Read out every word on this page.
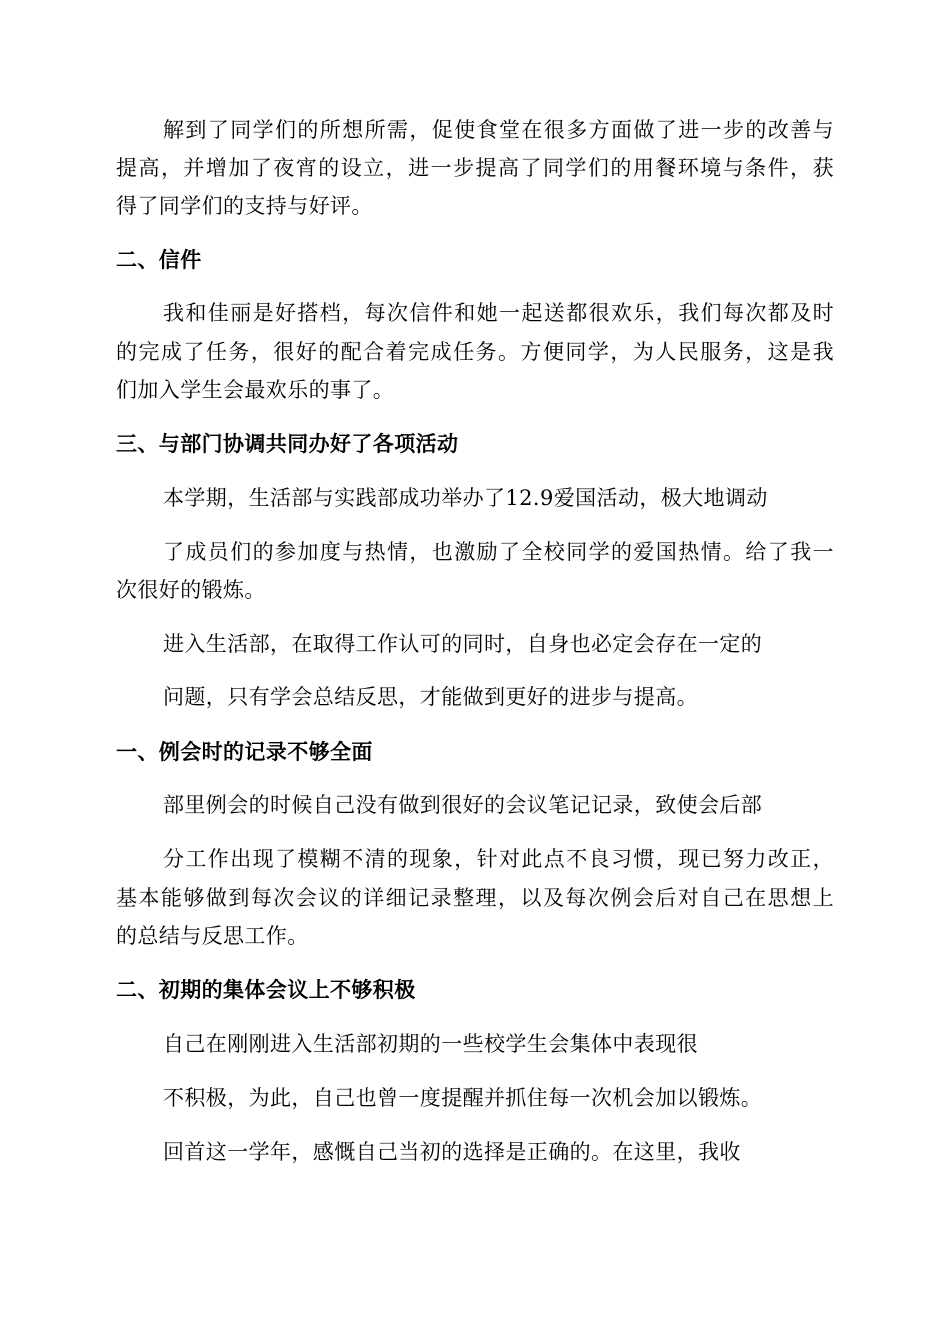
解到了同学们的所想所需，促使食堂在很多方面做了进一步的改善与
提高，并增加了夜宵的设立，进一步提高了同学们的用餐环境与条件，获
得了同学们的支持与好评。
二、信件
我和佳丽是好搭档，每次信件和她一起送都很欢乐，我们每次都及时
的完成了任务，很好的配合着完成任务。方便同学，为人民服务，这是我
们加入学生会最欢乐的事了。
三、与部门协调共同办好了各项活动
本学期，生活部与实践部成功举办了12.9爱国活动，极大地调动
了成员们的参加度与热情，也激励了全校同学的爱国热情。给了我一
次很好的锻炼。
进入生活部，在取得工作认可的同时，自身也必定会存在一定的
问题，只有学会总结反思，才能做到更好的进步与提高。
一、例会时的记录不够全面
部里例会的时候自己没有做到很好的会议笔记记录，致使会后部
分工作出现了模糊不清的现象，针对此点不良习惯，现已努力改正，
基本能够做到每次会议的详细记录整理，以及每次例会后对自己在思想上
的总结与反思工作。
二、初期的集体会议上不够积极
自己在刚刚进入生活部初期的一些校学生会集体中表现很
不积极，为此，自己也曾一度提醒并抓住每一次机会加以锻炼。
回首这一学年，感慨自己当初的选择是正确的。在这里，我收
